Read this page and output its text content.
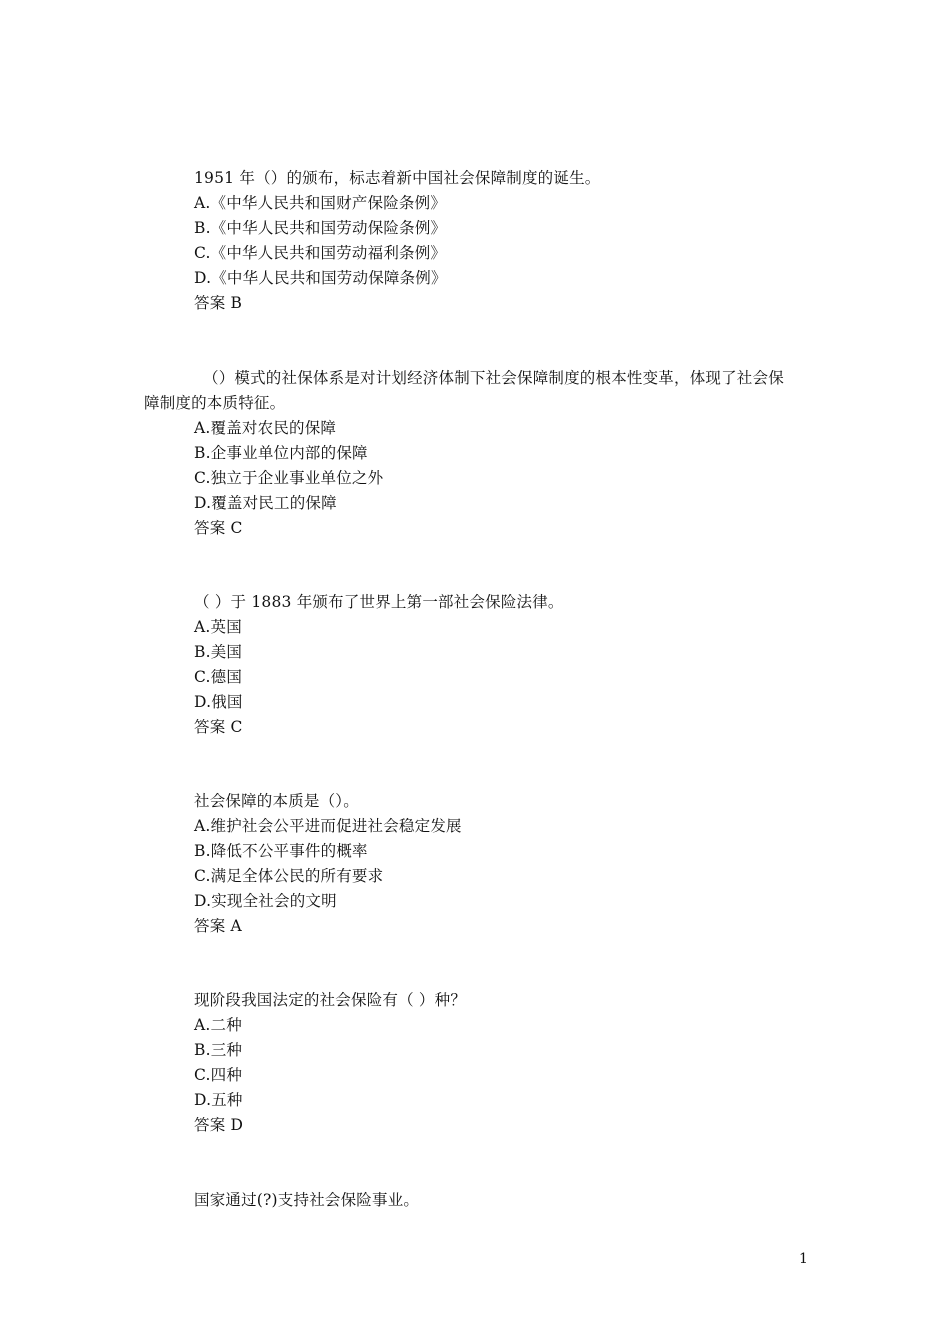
1951 年（）的颁布，标志着新中国社会保障制度的诞生。
A.《中华人民共和国财产保险条例》
B.《中华人民共和国劳动保险条例》
C.《中华人民共和国劳动福利条例》
D.《中华人民共和国劳动保障条例》
答案 B
（）模式的社保体系是对计划经济体制下社会保障制度的根本性变革，体现了社会保
障制度的本质特征。
A.覆盖对农民的保障
B.企事业单位内部的保障
C.独立于企业事业单位之外
D.覆盖对民工的保障
答案 C
（ ）于 1883 年颁布了世界上第一部社会保险法律。
A.英国
B.美国
C.德国
D.俄国
答案 C
社会保障的本质是（）。
A.维护社会公平进而促进社会稳定发展
B.降低不公平事件的概率
C.满足全体公民的所有要求
D.实现全社会的文明
答案 A
现阶段我国法定的社会保险有（ ）种？
A.二种
B.三种
C.四种
D.五种
答案 D
国家通过(?)支持社会保险事业。
1
